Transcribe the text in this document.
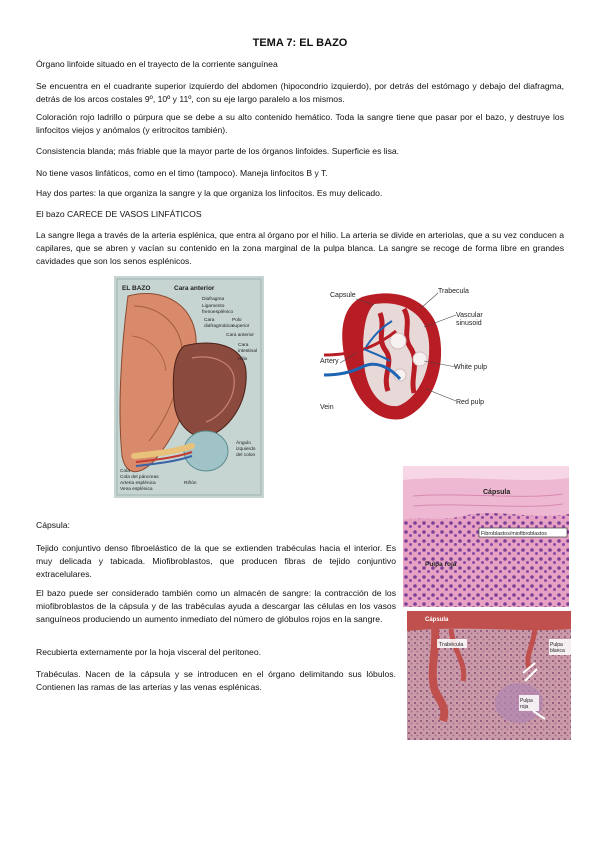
TEMA 7: EL BAZO
Órgano linfoide situado en el trayecto de la corriente sanguínea
Se encuentra en el cuadrante superior izquierdo del abdomen (hipocondrio izquierdo), por detrás del estómago y debajo del diafragma, detrás de los arcos costales 9º, 10º y 11º, con su eje largo paralelo a los mismos.
Coloración rojo ladrillo o púrpura que se debe a su alto contenido hemático. Toda la sangre tiene que pasar por el bazo, y destruye los linfocitos viejos y anómalos (y eritrocitos también).
Consistencia blanda; más friable que la mayor parte de los órganos linfoides. Superficie es lisa.
No tiene vasos linfáticos, como en el timo (tampoco). Maneja linfocitos B y T.
Hay dos partes: la que organiza la sangre y la que organiza los linfocitos. Es muy delicado.
El bazo CARECE DE VASOS LINFÁTICOS
La sangre llega a través de la arteria esplénica, que entra al órgano por el hilio. La arteria se divide en arteriolas, que a su vez conducen a capilares, que se abren y vacían su contenido en la zona marginal de la pulpa blanca. La sangre se recoge de forma libre en grandes cavidades que son los senos esplénicos.
Cápsula:
Tejido conjuntivo denso fibroelástico de la que se extienden trabéculas hacia el interior. Es muy delicada y tabicada. Miofibroblastos, que producen fibras de tejido conjuntivo extracelulares.
El bazo puede ser considerado también como un almacén de sangre: la contracción de los miofibroblastos de la cápsula y de las trabéculas ayuda a descargar las células en los vasos sanguíneos produciendo un aumento inmediato del número de glóbulos rojos en la sangre.
Recubierta externamente por la hoja visceral del peritoneo.
Trabéculas. Nacen de la cápsula y se introducen en el órgano delimitando sus lóbulos. Contienen las ramas de las arterias y las venas esplénicas.
EL BAZO	Cara anterior
Diafragma
Ligamento
frenoesplénico
Cara
diafragmática
Polo
superior
Cara anterior
Cara
intestinal
Hilio
Cola
Cola del páncreas
Arteria esplénica
Vena esplénica
Riñón
Ángulo
izquierdo
del colon
Capsule
Trabecula
Vascular sinusoid
Artery
White pulp
Vein
Red pulp
Cápsula
Fibroblastos/miofibroblastos
Pulpa roja
Cápsula
Trabécula	Pulpa blanca
Pulpa roja
